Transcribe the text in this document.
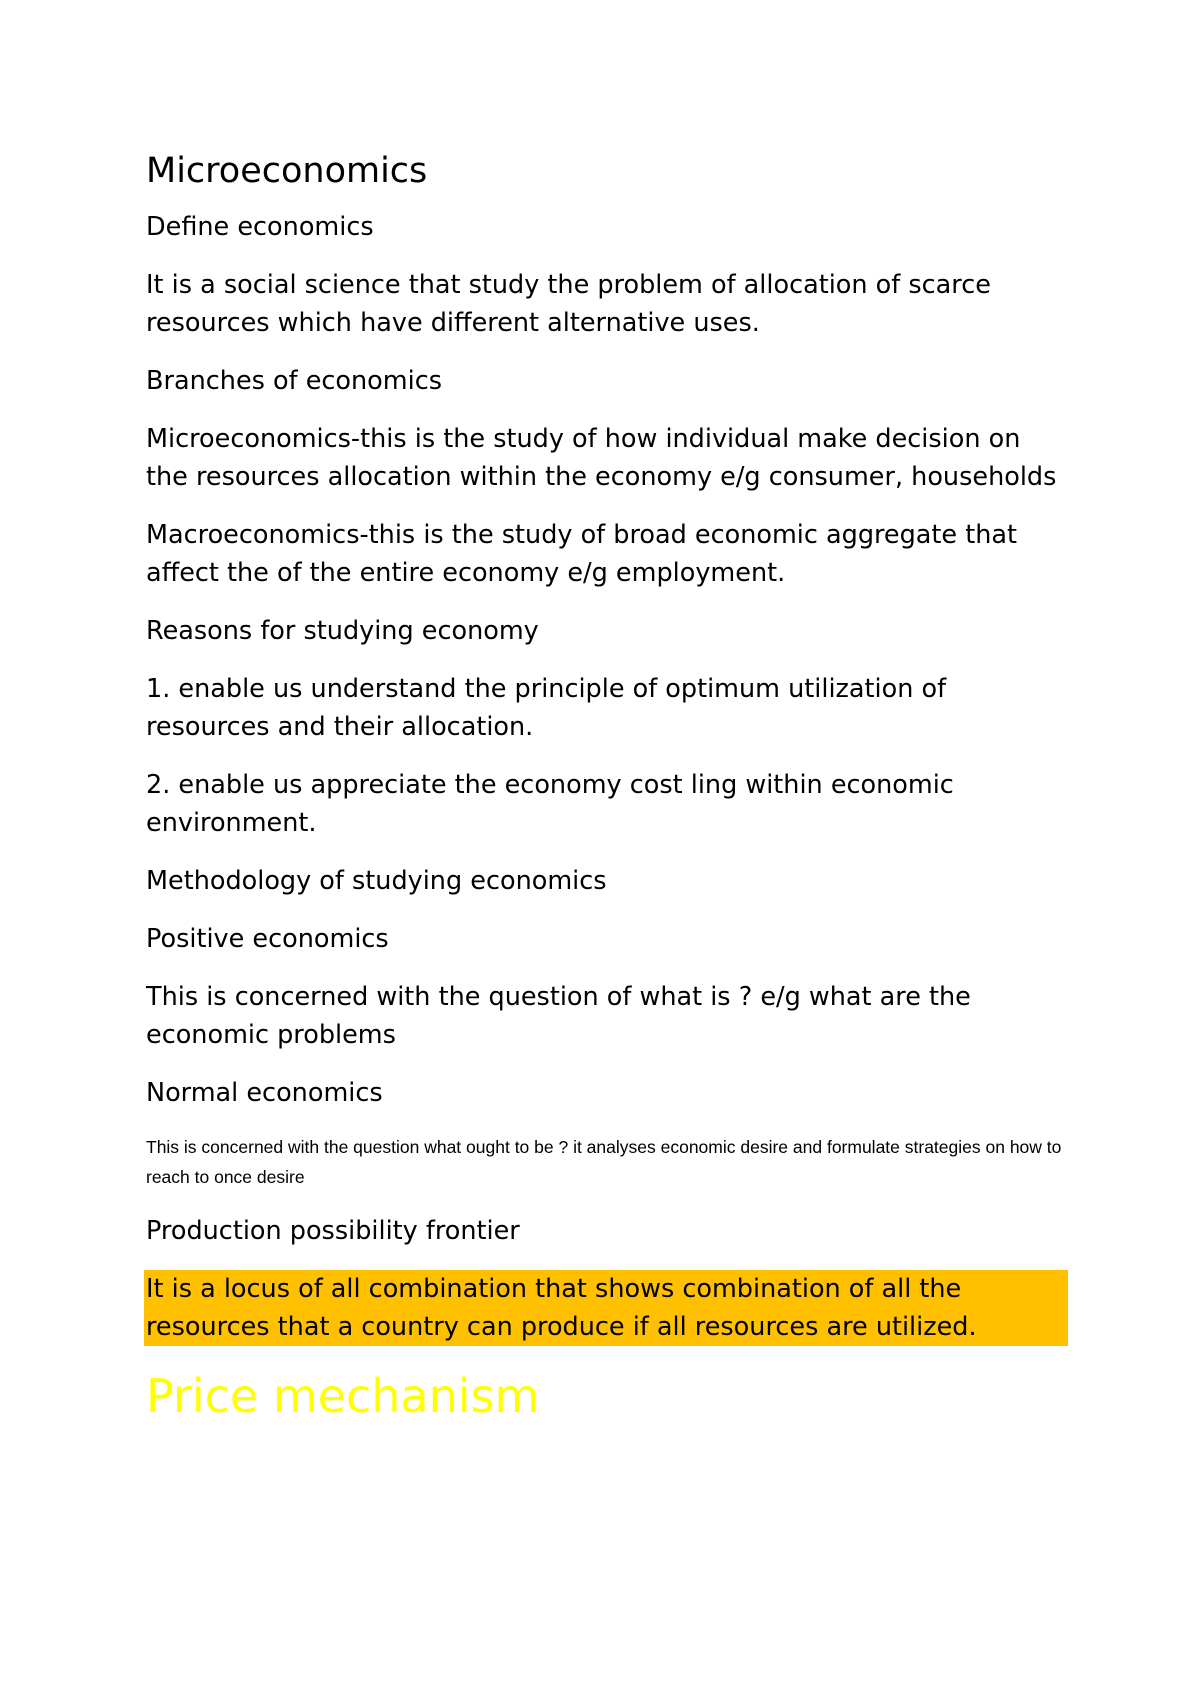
Microeconomics

Define economics

It is a social science that study the problem of allocation of scarce resources which have different alternative uses.

Branches of economics

Microeconomics-this is the study of how individual make decision on the resources allocation within the economy e/g consumer, households

Macroeconomics-this is the study of broad economic aggregate that affect the of the entire economy e/g employment.

Reasons for studying economy

1. enable us understand the principle of optimum utilization of resources and their allocation.

2. enable us appreciate the economy cost ling within economic environment.

Methodology of studying economics

Positive economics

This is concerned with the question of what is ? e/g what are the economic problems

Normal economics

This is concerned with the question what ought to be ? it analyses economic desire and formulate strategies on how to reach to once desire

Production possibility frontier

It is a locus of all combination that shows combination of all the resources that a country can produce if all resources are utilized.

Price mechanism
